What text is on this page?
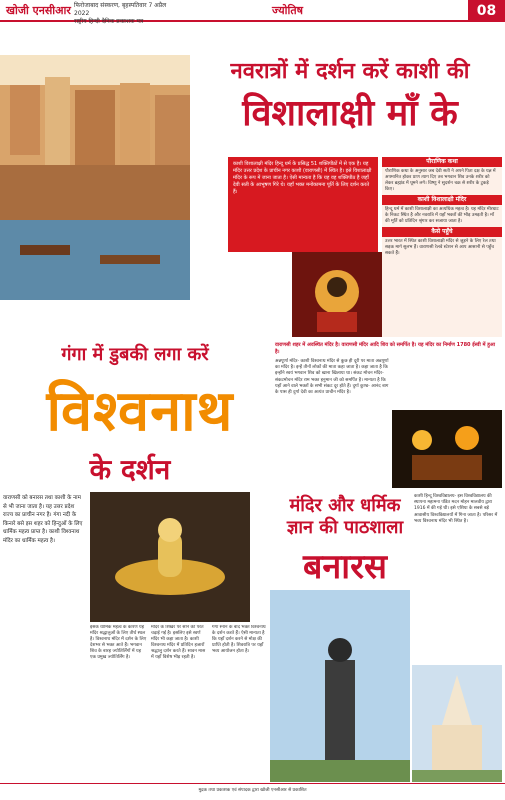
खोजी एनसीआर फिरोजाबाद संस्करण, बृहस्पतिवार 7 अप्रैल 2022
राष्ट्रीय हिन्दी दैनिक प्रकाशक पत्र
ज्योतिष	08
नवरात्रों में दर्शन करें काशी की
विशालाक्षी माँ के
काशी विशालाक्षी मंदिर हिन्दू धर्म के प्रसिद्ध 51 शक्तिपीठों में से एक है। यह मंदिर उत्तर प्रदेश के प्राचीन नगर काशी (वाराणसी) में स्थित है। इसे विशालाक्षी मंदिर के रूप में जाना जाता है। ऐसी मान्यता है कि यह वह शक्तिपीठ है जहाँ देवी सती के आभूषण गिरे थे। यहाँ भक्त मनोकामना पूर्ति के लिए दर्शन करते हैं।
पौराणिक कथा
पौराणिक कथा के अनुसार जब देवी सती ने अपने पिता दक्ष के यज्ञ में अपमानित होकर प्राण त्याग दिए तब भगवान शिव उनके शरीर को लेकर ब्रह्मांड में घूमने लगे। विष्णु ने सुदर्शन चक्र से शरीर के टुकड़े किए।
काशी विशालाक्षी मंदिर
हिन्दू धर्म में काशी विशालाक्षी का अत्यधिक महत्व है। यह मंदिर मीरघाट के निकट स्थित है और नवरात्रि में यहाँ भक्तों की भीड़ उमड़ती है। माँ की मूर्ति को प्रतिदिन श्रृंगार कर सजाया जाता है।
कैसे पहुँचे
उत्तर भारत में स्थित काशी विशालाक्षी मंदिर से जुड़ने के लिए रेल तथा सड़क मार्ग सुलभ हैं। वाराणसी रेलवे स्टेशन से आप आसानी से पहुँच सकते हैं।
गंगा में डुबकी लगा करें
विश्वनाथ
के दर्शन
वाराणसी शहर में अवस्थित मंदिर है। वाराणसी मंदिर आदि शिव को समर्पित है। यह मंदिर का निर्माण 1780 ईस्वी में हुआ है।
अन्नपूर्णा मंदिर- काशी विश्वनाथ मंदिर से कुछ ही दूरी पर माता अन्नपूर्णा का मंदिर है। इन्हें तीनों लोकों की माता कहा जाता है। कहा जाता है कि इन्होंने स्वयं भगवान शिव को खाना खिलाया था। संकट मोचन मंदिर- संकटमोचन मंदिर राम भक्त हनुमान जी को समर्पित है। मान्यता है कि यहाँ आने वाले भक्तों के सभी संकट दूर होते हैं। दुर्गा कुण्ड- आनंद बाग के पास ही दुर्गा देवी का अत्यंत प्राचीन मंदिर है।
वाराणसी को बनारस तथा काशी के नाम से भी जाना जाता है। यह उत्तर प्रदेश राज्य का प्राचीन नगर है। गंगा नदी के किनारे बसे इस शहर को हिन्दुओं के लिए धार्मिक महत्व प्राप्त है। काशी विश्वनाथ मंदिर का धार्मिक महत्व है।
इसके धार्मिक महत्व के कारण यह मंदिर श्रद्धालुओं के लिए तीर्थ स्थल है। विश्वनाथ मंदिर में दर्शन के लिए देशभर से भक्त आते हैं। भगवान शिव के बारह ज्योतिर्लिंगों में यह एक प्रमुख ज्योतिर्लिंग है।
मंदिर के शिखर पर सोने की परत चढ़ाई गई है। इसलिए इसे स्वर्ण मंदिर भी कहा जाता है। काशी विश्वनाथ मंदिर में प्रतिदिन हजारों श्रद्धालु दर्शन करते हैं। सावन मास में यहाँ विशेष भीड़ रहती है।
गंगा स्नान के बाद भक्त विश्वनाथ के दर्शन करते हैं। ऐसी मान्यता है कि यहाँ दर्शन करने से मोक्ष की प्राप्ति होती है। शिवरात्रि पर यहाँ भव्य आयोजन होता है।
मंदिर और धर्मिक
ज्ञान की पाठशाला
बनारस
काशी हिन्दू विश्वविद्यालय- इस विश्वविद्यालय की स्थापना महामना पंडित मदन मोहन मालवीय द्वारा 1916 में की गई थी। इसे एशिया के सबसे बड़े आवासीय विश्वविद्यालयों में गिना जाता है। परिसर में भव्य विश्वनाथ मंदिर भी स्थित है।
मुद्रक तथा प्रकाशक एवं संपादक द्वारा खोजी एनसीआर से प्रकाशित
